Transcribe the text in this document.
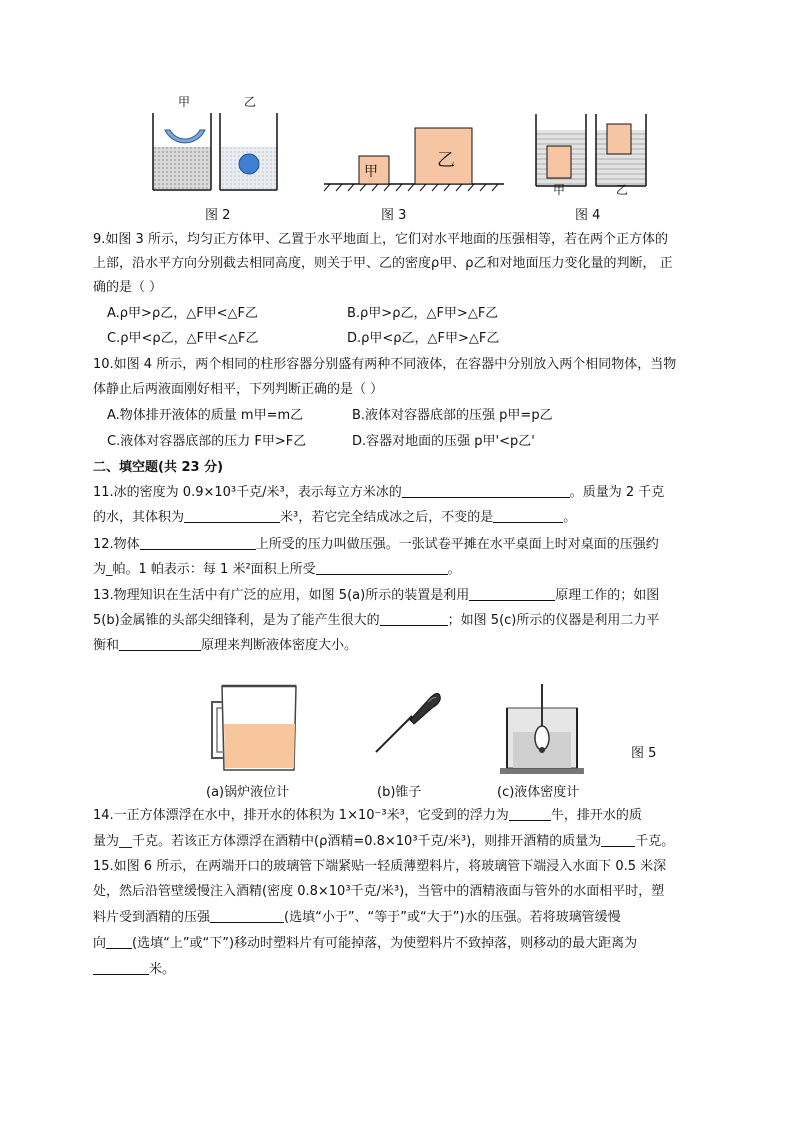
甲	乙
图 2
甲
乙
图 3
甲	乙
图 4
9.如图 3 所示，均匀正方体甲、乙置于水平地面上，它们对水平地面的压强相等，若在两个正方体的
上部，沿水平方向分别截去相同高度，则关于甲、乙的密度ρ甲、ρ乙和对地面压力变化量的判断， 正
确的是（ ）
A.ρ甲>ρ乙，△F甲<△F乙	B.ρ甲>ρ乙，△F甲>△F乙
C.ρ甲<ρ乙，△F甲<△F乙	D.ρ甲<ρ乙，△F甲>△F乙
10.如图 4 所示，两个相同的柱形容器分别盛有两种不同液体，在容器中分别放入两个相同物体，当物
体静止后两液面刚好相平，下列判断正确的是（ ）
A.物体排开液体的质量 m甲=m乙	B.液体对容器底部的压强 p甲=p乙
C.液体对容器底部的压力 F甲>F乙	D.容器对地面的压强 p甲'<p乙'
二、填空题(共 23 分)
11.冰的密度为 0.9×10³千克/米³，表示每立方米冰的	。质量为 2 千克
的水，其体积为	米³，若它完全结成冰之后，不变的是	。
12.物体	上所受的压力叫做压强。一张试卷平摊在水平桌面上时对桌面的压强约
为_帕。1 帕表示：每 1 米²面积上所受	。
13.物理知识在生活中有广泛的应用，如图 5(a)所示的装置是利用	原理工作的；如图
5(b)金属锥的头部尖细锋利，是为了能产生很大的	；如图 5(c)所示的仪器是利用二力平
衡和	原理来判断液体密度大小。
图 5
(a)锅炉液位计	(b)锥子	(c)液体密度计
14.一正方体漂浮在水中，排开水的体积为 1×10⁻³米³，它受到的浮力为	牛，排开水的质
量为__千克。若该正方体漂浮在酒精中(ρ酒精=0.8×10³千克/米³)，则排开酒精的质量为	千克。
15.如图 6 所示，在两端开口的玻璃管下端紧贴一轻质薄塑料片，将玻璃管下端浸入水面下 0.5 米深
处，然后沿管壁缓慢注入酒精(密度 0.8×10³千克/米³)，当管中的酒精液面与管外的水面相平时，塑
料片受到酒精的压强	(选填“小于”、“等于”或“大于”)水的压强。若将玻璃管缓慢
向 (选填“上”或“下”)移动时塑料片有可能掉落，为使塑料片不致掉落，则移动的最大距离为
米。
